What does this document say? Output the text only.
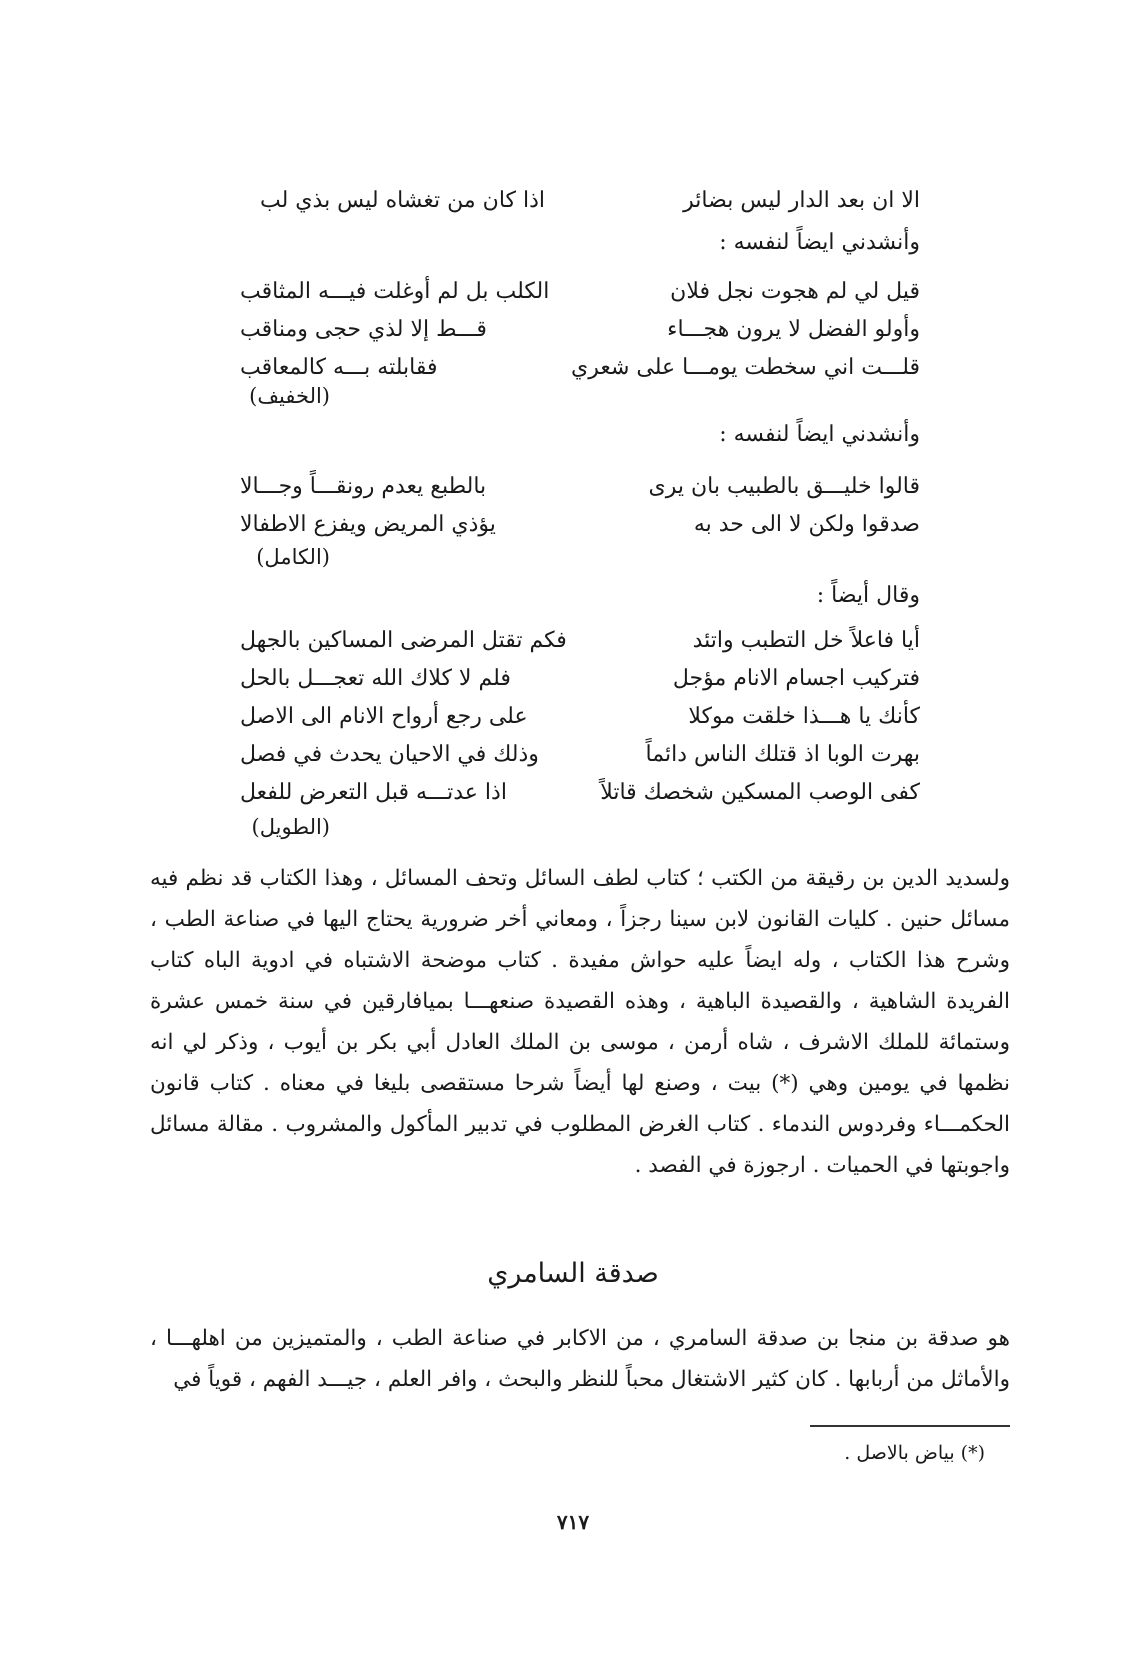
الا ان بعد الدار ليس بضائر
اذا كان من تغشاه ليس بذي لب
وأنشدني ايضاً لنفسه :
قيل لي لم هجوت نجل فلان
الكلب بل لم أوغلت فيـــه المثاقب
وأولو الفضل لا يرون هجـــاء
قـــط إلا لذي حجى ومناقب
قلـــت اني سخطت يومـــا على شعري
فقابلته بـــه كالمعاقب
(الخفيف)
وأنشدني ايضاً لنفسه :
قالوا خليـــق بالطبيب بان يرى
بالطبع يعدم رونقـــاً وجـــالا
صدقوا ولكن لا الى حد به
يؤذي المريض ويفزع الاطفالا
(الكامل)
وقال أيضاً :
أيا فاعلاً خل التطبب واتئد
فكم تقتل المرضى المساكين بالجهل
فتركيب اجسام الانام مؤجل
فلم لا كلاك الله تعجـــل بالحل
كأنك يا هـــذا خلقت موكلا
على رجع أرواح الانام الى الاصل
بهرت الوبا اذ قتلك الناس دائماً
وذلك في الاحيان يحدث في فصل
كفى الوصب المسكين شخصك قاتلاً
اذا عدتـــه قبل التعرض للفعل
(الطويل)
ولسديد الدين بن رقيقة من الكتب ؛ كتاب لطف السائل وتحف المسائل ، وهذا الكتاب قد نظم فيه مسائل حنين . كليات القانون لابن سينا رجزاً ، ومعاني أخر ضرورية يحتاج اليها في صناعة الطب ، وشرح هذا الكتاب ، وله ايضاً عليه حواش مفيدة . كتاب موضحة الاشتباه في ادوية الباه كتاب الفريدة الشاهية ، والقصيدة الباهية ، وهذه القصيدة صنعهـــا بميافارقين في سنة خمس عشرة وستمائة للملك الاشرف ، شاه أرمن ، موسى بن الملك العادل أبي بكر بن أيوب ، وذكر لي انه نظمها في يومين وهي (*) بيت ، وصنع لها أيضاً شرحا مستقصى بليغا في معناه . كتاب قانون الحكمـــاء وفردوس الندماء . كتاب الغرض المطلوب في تدبير المأكول والمشروب . مقالة مسائل واجوبتها في الحميات . ارجوزة في الفصد .
صدقة السامري
هو صدقة بن منجا بن صدقة السامري ، من الاكابر في صناعة الطب ، والمتميزين من اهلهـــا ، والأماثل من أربابها . كان كثير الاشتغال محباً للنظر والبحث ، وافر العلم ، جيـــد الفهم ، قوياً في
(*) بياض بالاصل .
٧١٧
